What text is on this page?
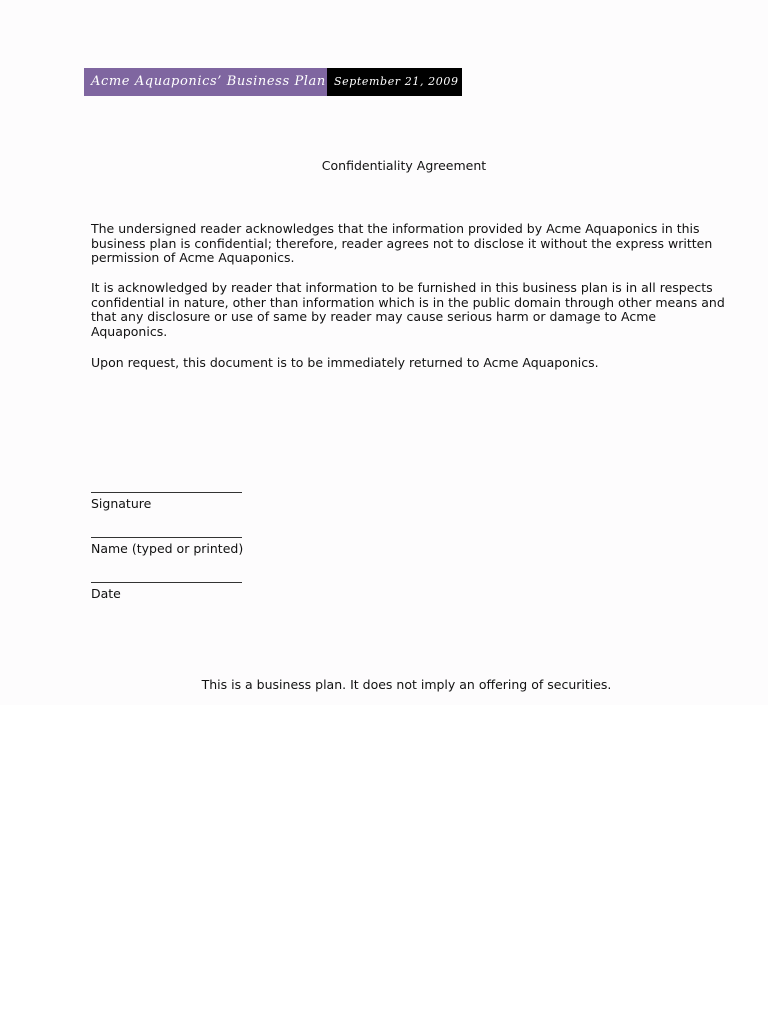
Acme Aquaponics’ Business Plan September 21, 2009
Confidentiality Agreement

The undersigned reader acknowledges that the information provided by Acme Aquaponics in this business plan is confidential; therefore, reader agrees not to disclose it without the express written permission of Acme Aquaponics.

It is acknowledged by reader that information to be furnished in this business plan is in all respects confidential in nature, other than information which is in the public domain through other means and that any disclosure or use of same by reader may cause serious harm or damage to Acme Aquaponics.

Upon request, this document is to be immediately returned to Acme Aquaponics.

Signature
Name (typed or printed)
Date
This is a business plan. It does not imply an offering of securities.
